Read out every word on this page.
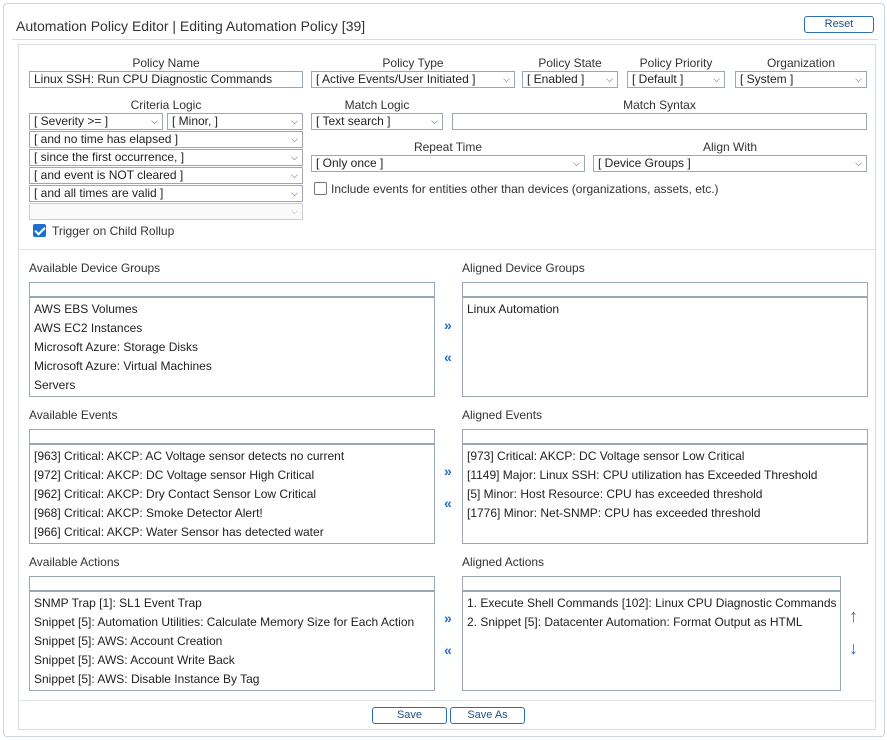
Automation Policy Editor | Editing Automation Policy [39]	Reset
Policy Name	Policy Type	Policy State	Policy Priority	Organization
Linux SSH: Run CPU Diagnostic Commands	[ Active Events/User Initiated ]	⌵	[ Enabled ] ⌵	[ Default ]	⌵	[ System ]	⌵
Criteria Logic	Match Logic	Match Syntax
[ Severity >= ]	⌵	[ Minor, ]	⌵
[ and no time has elapsed ]	⌵
[ since the first occurrence, ]	⌵
[ and event is NOT cleared ]	⌵
[ and all times are valid ]	⌵
⌵
[ Text search ]	⌵
Repeat Time	Align With
[ Only once ]	⌵	[ Device Groups ]	⌵
Include events for entities other than devices (organizations, assets, etc.)
Trigger on Child Rollup
Available Device Groups	Aligned Device Groups
AWS EBS Volumes
AWS EC2 Instances
Microsoft Azure: Storage Disks
Microsoft Azure: Virtual Machines
Servers
Linux Automation
»
«
Available Events	Aligned Events
[963] Critical: AKCP: AC Voltage sensor detects no current
[972] Critical: AKCP: DC Voltage sensor High Critical
[962] Critical: AKCP: Dry Contact Sensor Low Critical
[968] Critical: AKCP: Smoke Detector Alert!
[966] Critical: AKCP: Water Sensor has detected water
[973] Critical: AKCP: DC Voltage sensor Low Critical
[1149] Major: Linux SSH: CPU utilization has Exceeded Threshold
[5] Minor: Host Resource: CPU has exceeded threshold
[1776] Minor: Net-SNMP: CPU has exceeded threshold
»
«
Available Actions	Aligned Actions
SNMP Trap [1]: SL1 Event Trap
Snippet [5]: Automation Utilities: Calculate Memory Size for Each Action
Snippet [5]: AWS: Account Creation
Snippet [5]: AWS: Account Write Back
Snippet [5]: AWS: Disable Instance By Tag
1. Execute Shell Commands [102]: Linux CPU Diagnostic Commands
2. Snippet [5]: Datacenter Automation: Format Output as HTML
»
«
↑
↓
Save	Save As
